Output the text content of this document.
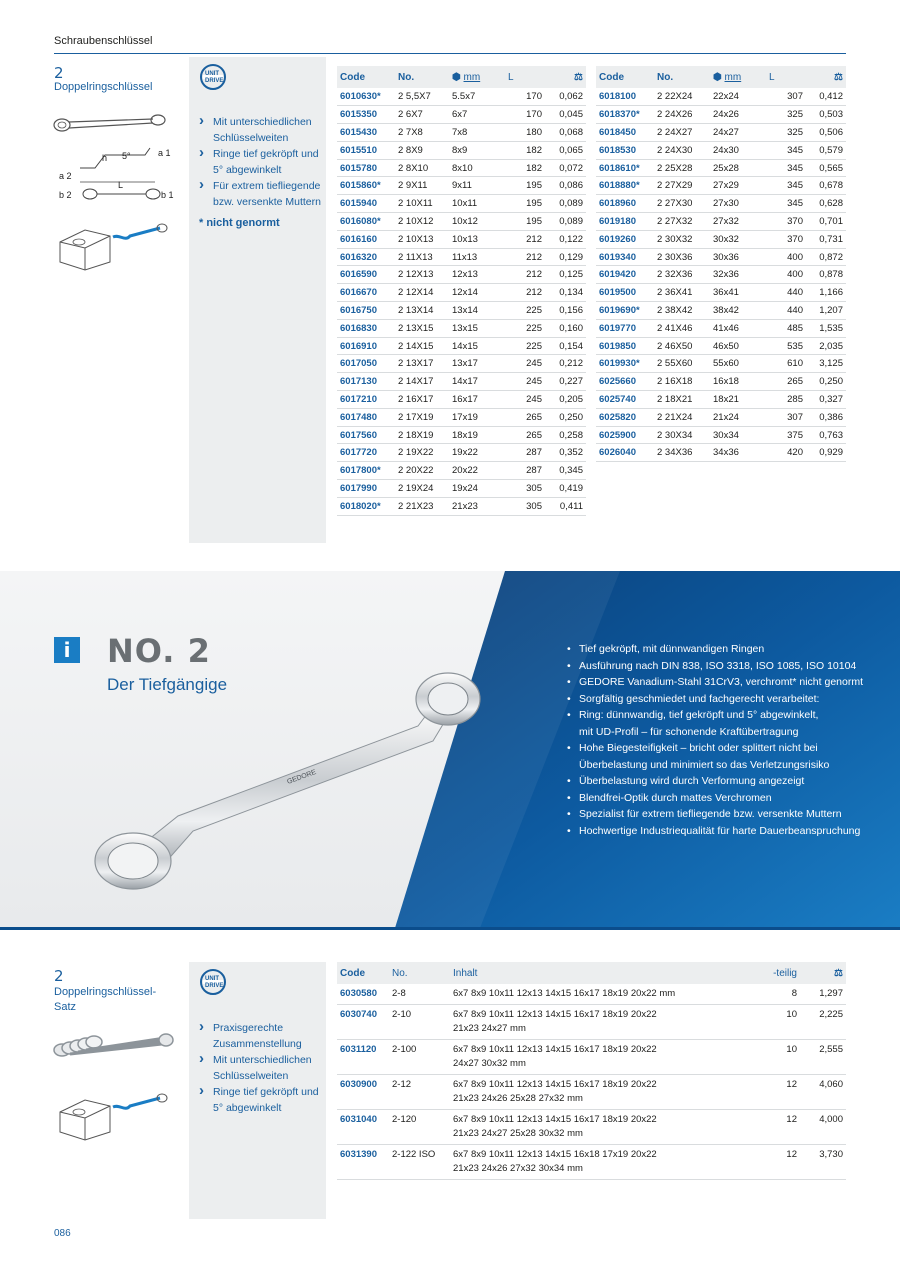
Schraubenschlüssel
2
Doppelringschlüssel
h 5°	a 1
a 2
L
b 1
b 2
UNIT
DRIVE
› Mit unterschiedlichen Schlüsselweiten
› Ringe tief gekröpft und 5° abgewinkelt
› Für extrem tiefliegende bzw. versenkte Muttern
* nicht genormt
Code	No.	⬢ mm	L	⚖
6010630*	2 5,5X7	5.5x7	170	0,062
6015350	2 6X7	6x7	170	0,045
6015430	2 7X8	7x8	180	0,068
6015510	2 8X9	8x9	182	0,065
6015780	2 8X10	8x10	182	0,072
6015860*	2 9X11	9x11	195	0,086
6015940	2 10X11	10x11	195	0,089
6016080*	2 10X12	10x12	195	0,089
6016160	2 10X13	10x13	212	0,122
6016320	2 11X13	11x13	212	0,129
6016590	2 12X13	12x13	212	0,125
6016670	2 12X14	12x14	212	0,134
6016750	2 13X14	13x14	225	0,156
6016830	2 13X15	13x15	225	0,160
6016910	2 14X15	14x15	225	0,154
6017050	2 13X17	13x17	245	0,212
6017130	2 14X17	14x17	245	0,227
6017210	2 16X17	16x17	245	0,205
6017480	2 17X19	17x19	265	0,250
6017560	2 18X19	18x19	265	0,258
6017720	2 19X22	19x22	287	0,352
6017800*	2 20X22	20x22	287	0,345
6017990	2 19X24	19x24	305	0,419
6018020*	2 21X23	21x23	305	0,411
Code	No.	⬢ mm	L	⚖
6018100	2 22X24	22x24	307	0,412
6018370*	2 24X26	24x26	325	0,503
6018450	2 24X27	24x27	325	0,506
6018530	2 24X30	24x30	345	0,579
6018610*	2 25X28	25x28	345	0,565
6018880*	2 27X29	27x29	345	0,678
6018960	2 27X30	27x30	345	0,628
6019180	2 27X32	27x32	370	0,701
6019260	2 30X32	30x32	370	0,731
6019340	2 30X36	30x36	400	0,872
6019420	2 32X36	32x36	400	0,878
6019500	2 36X41	36x41	440	1,166
6019690*	2 38X42	38x42	440	1,207
6019770	2 41X46	41x46	485	1,535
6019850	2 46X50	46x50	535	2,035
6019930*	2 55X60	55x60	610	3,125
6025660	2 16X18	16x18	265	0,250
6025740	2 18X21	18x21	285	0,327
6025820	2 21X24	21x24	307	0,386
6025900	2 30X34	30x34	375	0,763
6026040	2 34X36	34x36	420	0,929
GEDORE
i NO. 2
Der Tiefgängige
• Tief gekröpft, mit dünnwandigen Ringen
• Ausführung nach DIN 838, ISO 3318, ISO 1085, ISO 10104
• GEDORE Vanadium-Stahl 31CrV3, verchromt* nicht genormt
• Sorgfältig geschmiedet und fachgerecht verarbeitet:
• Ring: dünnwandig, tief gekröpft und 5° abgewinkelt,
mit UD-Profil – für schonende Kraftübertragung
• Hohe Biegesteifigkeit – bricht oder splittert nicht bei
Überbelastung und minimiert so das Verletzungsrisiko
• Überbelastung wird durch Verformung angezeigt
• Blendfrei-Optik durch mattes Verchromen
• Spezialist für extrem tiefliegende bzw. versenkte Muttern
• Hochwertige Industriequalität für harte Dauerbeanspruchung
2
Doppelringschlüssel-
Satz
UNIT
DRIVE
› Praxisgerechte Zusammenstellung
› Mit unterschiedlichen Schlüsselweiten
› Ringe tief gekröpft und 5° abgewinkelt
Code	No.	Inhalt	-teilig	⚖
6030580	2-8	6x7 8x9 10x11 12x13 14x15 16x17 18x19 20x22 mm	8	1,297
6030740	2-10	6x7 8x9 10x11 12x13 14x15 16x17 18x19 20x22
21x23 24x27 mm	10	2,225
6031120	2-100	6x7 8x9 10x11 12x13 14x15 16x17 18x19 20x22
24x27 30x32 mm	10	2,555
6030900	2-12	6x7 8x9 10x11 12x13 14x15 16x17 18x19 20x22
21x23 24x26 25x28 27x32 mm	12	4,060
6031040	2-120	6x7 8x9 10x11 12x13 14x15 16x17 18x19 20x22
21x23 24x27 25x28 30x32 mm	12	4,000
6031390	2-122 ISO	6x7 8x9 10x11 12x13 14x15 16x18 17x19 20x22
21x23 24x26 27x32 30x34 mm	12	3,730
086
